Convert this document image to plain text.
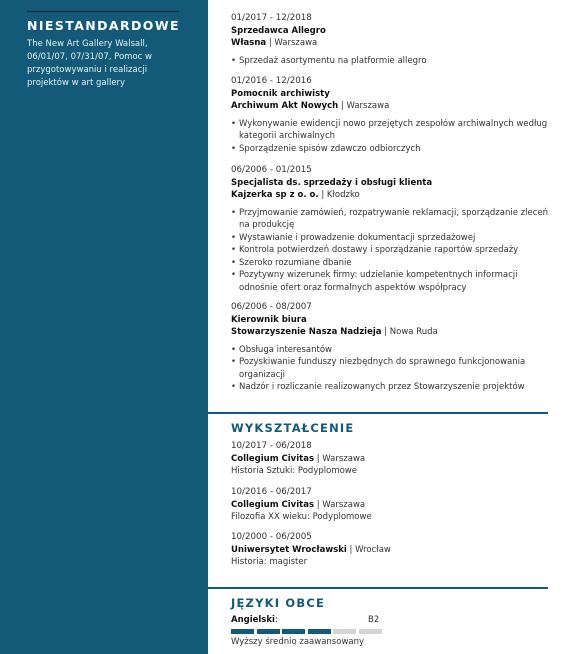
NIESTANDARDOWE

The New Art Gallery Walsall, 06/01/07, 07/31/07, Pomoc w przygotowywaniu i realizacji projektów w art gallery

01/2017 - 12/2018
Sprzedawca Allegro
Własna | Warszawa
• Sprzedaż asortymentu na platformie allegro
01/2016 - 12/2016
Pomocnik archiwisty
Archiwum Akt Nowych | Warszawa
• Wykonywanie ewidencji nowo przejętych zespołów archiwalnych według kategorii archiwalnych
• Sporządzenie spisów zdawczo odbiorczych
06/2006 - 01/2015
Specjalista ds. sprzedaży i obsługi klienta
Kajzerka sp z o. o. | Kłodzko
• Przyjmowanie zamówień, rozpatrywanie reklamacji, sporządzanie zleceń na produkcję
• Wystawianie i prowadzenie dokumentacji sprzedażowej
• Kontrola potwierdzeń dostawy i sporządzanie raportów sprzedaży
• Szeroko rozumiane dbanie
• Pozytywny wizerunek firmy: udzielanie kompetentnych informacji odnośnie ofert oraz formalnych aspektów współpracy
06/2006 - 08/2007
Kierownik biura
Stowarzyszenie Nasza Nadzieja | Nowa Ruda
• Obsługa interesantów
• Pozyskiwanie funduszy niezbędnych do sprawnego funkcjonowania organizacji
• Nadzór i rozliczanie realizowanych przez Stowarzyszenie projektów
WYKSZTAŁCENIE
10/2017 - 06/2018
Collegium Civitas | Warszawa
Historia Sztuki: Podyplomowe
10/2016 - 06/2017
Collegium Civitas | Warszawa
Filozofia XX wieku: Podyplomowe
10/2000 - 06/2005
Uniwersytet Wrocławski | Wrocław
Historia: magister
JĘZYKI OBCE
Angielski:	B2
Wyższy średnio zaawansowany
